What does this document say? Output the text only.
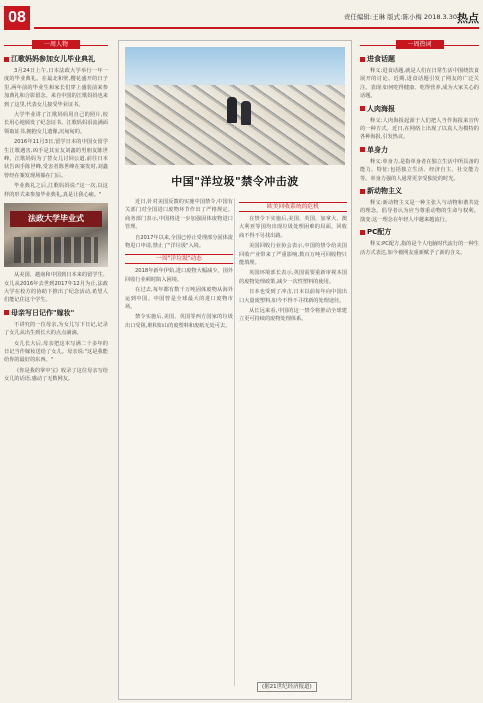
08	责任编辑:王琳 版式:陈小梅 2018.3.30 热点
一周人物
江歌妈妈参加女儿毕业典礼

3月24日上午,日本法政大学举行一年一度的毕业典礼。在最北和壁,樱花盛开的日子里,两年前的毕业生和家长们穿上盛装前来参加典礼和合影留念。来自中国的江歌妈妈也来到了这里,代表女儿接受毕业证书。

大学毕业讲了江歌妈妈用自己的照片,校长用心地颁发了纪念证书。江歌妈妈泪流满面领取证书,拥抱女儿遗像,沉甸甸的。

2016年11月3日,留学日本的中国女留学生江歌遇害,凶手是其室友刘鑫的男朋友陈世峰。江歌妈妈为了替女儿讨回公道,前往日本状告凶手陈世峰,受害者陈世峰在案发时,刘鑫曾经在案发现场躲在门后。

毕业典礼之后,江歌妈妈说:"这一次,以这样的形式来参加毕业典礼,真是让我心痛。"

法政大学毕业式

从美国、越南和中国到日本来的留学生、女儿从2016年去世到2017年12月为止,法政大学在校方的协助下推出了纪念活动,希望人们能记住这个学生。

母亲写日记作"嫁妆"

不讲究的一位母亲,为女儿写下日记,记录了女儿从出生到长大的点点滴滴。

女儿长大后,母亲把这本写满二十多年的日记当作嫁妆送给了女儿。母亲说:"这是我能给你的最好的东西。"

《你是我的掌中宝》收录了这位母亲写给女儿的话语,感动了无数网友。

中国"洋垃圾"禁令冲击波

近日,针对美国反馈的实施中国禁令,中国有关部门对全国进口废物环节作出了严格规定。商务部门表示,中国将进一步加强固体废物进口管理。

自2017年以来,全国已停止受理部分固体废物进口申请,禁止了"洋垃圾"入境。

一周"洋垃圾"动态

2018年新年伊始,进口废物大幅减少。国外回收行业顿时陷入困境。

在过去,每年都有数千万吨固体废物从海外运到中国。中国曾是全球最大的进口废物市场。

禁令实施后,美国、英国等西方国家的垃圾出口受阻,堆积如山的废塑料和废纸无处可去。

欧美回收系统的危机

在禁令下实施后,美国、英国、加拿大、澳大利亚等国均出现垃圾处理困难的局面。回收商不得不另找出路。

美国回收行业协会表示,中国的禁令给美国回收产业带来了严重影响,数百万吨可回收物只能填埋。

英国环境部长表示,英国需要重新审视本国的废物处理政策,减少一次性塑料的使用。

日本也受到了冲击,日本以前每年向中国出口大量废塑料,如今不得不寻找新的处理途径。

从长远来看,中国的这一禁令将推动全球建立更可持续的废物处理体系。

(据21世纪经济报道)
一周热词
进食话题

释义:进食话题,就是人们在日常生活中围绕饮食展开的讨论。近期,进食话题引发了网友的广泛关注。表现:如何吃得健康、吃得营养,成为大家关心的话题。

人肉海报

释义:人肉海报起源于人们把人当作海报来宣传的一种方式。近日,在网络上出现了以真人为模特的各种海报,引发热议。

单身力

释义:单身力,是指单身者在独立生活中所具备的能力。特征:包括独立生活、经济自主、社交能力等。单身力强的人通常更享受独处的时光。

新动物主义

释义:新动物主义是一种主张人与动物和谐共处的理念。倡导者认为应当尊重动物的生命与权利。演变:这一理念在年轻人中越来越流行。

PC配方

释义:PC配方,指的是个人电脑时代流行的一种生活方式表达,如今被网友重新赋予了新的含义。
